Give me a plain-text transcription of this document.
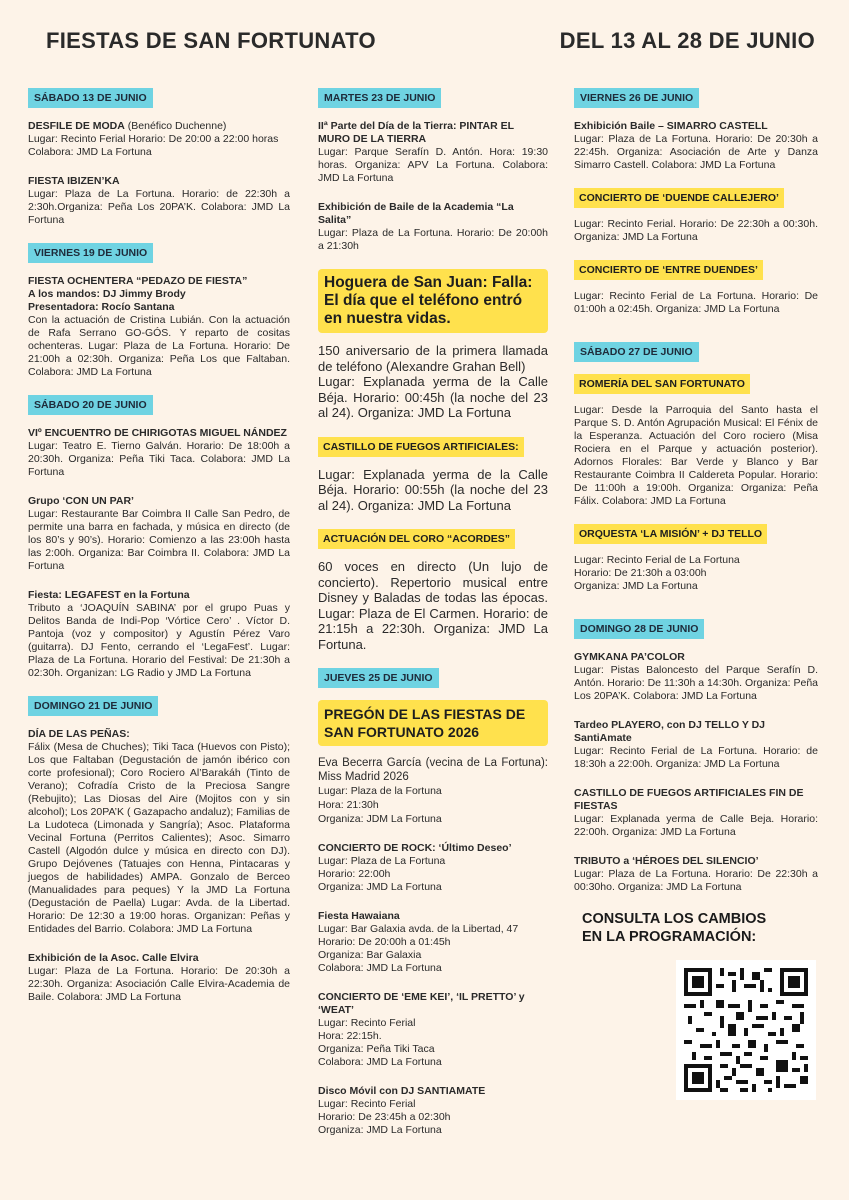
FIESTAS DE SAN FORTUNATO	DEL 13 AL 28 DE JUNIO
SÁBADO 13 DE JUNIO
DESFILE DE MODA (Benéfico Duchenne)
Lugar: Recinto Ferial Horario: De 20:00 a 22:00 horas
Colabora: JMD La Fortuna
FIESTA IBIZEN’KA
Lugar: Plaza de La Fortuna. Horario: de 22:30h a 2:30h.Organiza: Peña Los 20PA’K. Colabora: JMD La Fortuna
VIERNES 19 DE JUNIO
FIESTA OCHENTERA “PEDAZO DE FIESTA”
A los mandos: DJ Jimmy Brody
Presentadora: Rocío Santana
Con la actuación de Cristina Lubián. Con la actuación de Rafa Serrano GO-GÓS. Y reparto de cositas ochenteras. Lugar: Plaza de La Fortuna. Horario: De 21:00h a 02:30h. Organiza: Peña Los que Faltaban. Colabora: JMD La Fortuna
SÁBADO 20 DE JUNIO
VIº ENCUENTRO DE CHIRIGOTAS MIGUEL NÁNDEZ
Lugar: Teatro E. Tierno Galván. Horario: De 18:00h a 20:30h. Organiza: Peña Tiki Taca. Colabora: JMD La Fortuna
Grupo ‘CON UN PAR’
Lugar: Restaurante Bar Coimbra II Calle San Pedro, de permite una barra en fachada, y música en directo (de los 80’s y 90’s). Horario: Comienzo a las 23:00h hasta las 2:00h. Organiza: Bar Coimbra II. Colabora: JMD La Fortuna
Fiesta: LEGAFEST en la Fortuna
Tributo a ‘JOAQUÍN SABINA’ por el grupo Puas y Delitos Banda de Indi-Pop ‘Vórtice Cero’ . Víctor D. Pantoja (voz y compositor) y Agustín Pérez Varo (guitarra). DJ Fento, cerrando el ‘LegaFest’. Lugar: Plaza de La Fortuna. Horario del Festival: De 21:30h a 02:30h. Organizan: LG Radio y JMD La Fortuna
DOMINGO 21 DE JUNIO
DÍA DE LAS PEÑAS:
Fálix (Mesa de Chuches); Tiki Taca (Huevos con Pisto); Los que Faltaban (Degustación de jamón ibérico con corte profesional); Coro Rociero Al’Barakáh (Tinto de Verano); Cofradía Cristo de la Preciosa Sangre (Rebujito); Las Diosas del Aire (Mojitos con y sin alcohol); Los 20PA’K ( Gazapacho andaluz); Familias de La Ludoteca (Limonada y Sangría); Asoc. Plataforma Vecinal Fortuna (Perritos Calientes); Asoc. Simarro Castell (Algodón dulce y música en directo con DJ). Grupo Dejóvenes (Tatuajes con Henna, Pintacaras y juegos de habilidades) AMPA. Gonzalo de Berceo (Manualidades para peques) Y la JMD La Fortuna (Degustación de Paella) Lugar: Avda. de la Libertad. Horario: De 12:30 a 19:00 horas. Organizan: Peñas y Entidades del Barrio. Colabora: JMD La Fortuna
Exhibición de la Asoc. Calle Elvira
Lugar: Plaza de La Fortuna. Horario: De 20:30h a 22:30h. Organiza: Asociación Calle Elvira-Academia de Baile. Colabora: JMD La Fortuna
MARTES 23 DE JUNIO
IIª Parte del Día de la Tierra: PINTAR EL MURO DE LA TIERRA
Lugar: Parque Serafín D. Antón. Hora: 19:30 horas. Organiza: APV La Fortuna. Colabora: JMD La Fortuna
Exhibición de Baile de la Academia “La Salita”
Lugar: Plaza de La Fortuna. Horario: De 20:00h a 21:30h
Hoguera de San Juan: Falla: El día que el teléfono entró en nuestra vidas.
150 aniversario de la primera llamada de teléfono (Alexandre Grahan Bell)
Lugar: Explanada yerma de la Calle Béja. Horario: 00:45h (la noche del 23 al 24). Organiza: JMD La Fortuna
CASTILLO DE FUEGOS ARTIFICIALES:
Lugar: Explanada yerma de la Calle Béja. Horario: 00:55h (la noche del 23 al 24). Organiza: JMD La Fortuna
ACTUACIÓN DEL CORO “ACORDES”
60 voces en directo (Un lujo de concierto). Repertorio musical entre Disney y Baladas de todas las épocas. Lugar: Plaza de El Carmen. Horario: de 21:15h a 22:30h. Organiza: JMD La Fortuna.
JUEVES 25 DE JUNIO
PREGÓN DE LAS FIESTAS DE SAN FORTUNATO 2026
Eva Becerra García (vecina de La Fortuna): Miss Madrid 2026
Lugar: Plaza de la Fortuna
Hora: 21:30h
Organiza: JDM La Fortuna
CONCIERTO DE ROCK: ‘Último Deseo’
Lugar: Plaza de La Fortuna
Horario: 22:00h
Organiza: JMD La Fortuna
Fiesta Hawaiana
Lugar: Bar Galaxia avda. de la Libertad, 47
Horario: De 20:00h a 01:45h
Organiza: Bar Galaxia
Colabora: JMD La Fortuna
CONCIERTO DE ‘EME KEI’, ‘IL PRETTO’ y ‘WEAT’
Lugar: Recinto Ferial
Hora: 22:15h.
Organiza: Peña Tiki Taca
Colabora: JMD La Fortuna
Disco Móvil con DJ SANTIAMATE
Lugar: Recinto Ferial
Horario: De 23:45h a 02:30h
Organiza: JMD La Fortuna
VIERNES 26 DE JUNIO
Exhibición Baile – SIMARRO CASTELL
Lugar: Plaza de La Fortuna. Horario: De 20:30h a 22:45h. Organiza: Asociación de Arte y Danza Simarro Castell. Colabora: JMD La Fortuna
CONCIERTO DE ‘DUENDE CALLEJERO’
Lugar: Recinto Ferial. Horario: De 22:30h a 00:30h. Organiza: JMD La Fortuna
CONCIERTO DE ‘ENTRE DUENDES’
Lugar: Recinto Ferial de La Fortuna. Horario: De 01:00h a 02:45h. Organiza: JMD La Fortuna
SÁBADO 27 DE JUNIO
ROMERÍA DEL SAN FORTUNATO
Lugar: Desde la Parroquia del Santo hasta el Parque S. D. Antón Agrupación Musical: El Fénix de la Esperanza. Actuación del Coro rociero (Misa Rociera en el Parque y actuación posterior). Adornos Florales: Bar Verde y Blanco y Bar Restaurante Coimbra II Caldereta Popular. Horario: De 11:00h a 19:00h. Organiza: Organiza: Peña Fálix. Colabora: JMD La Fortuna
ORQUESTA ‘LA MISIÓN’ + DJ TELLO
Lugar: Recinto Ferial de La Fortuna
Horario: De 21:30h a 03:00h
Organiza: JMD La Fortuna
DOMINGO 28 DE JUNIO
GYMKANA PA’COLOR
Lugar: Pistas Baloncesto del Parque Serafín D. Antón. Horario: De 11:30h a 14:30h. Organiza: Peña Los 20PA’K. Colabora: JMD La Fortuna
Tardeo PLAYERO, con DJ TELLO Y DJ SantiAmate
Lugar: Recinto Ferial de La Fortuna. Horario: de 18:30h a 22:00h. Organiza: JMD La Fortuna
CASTILLO DE FUEGOS ARTIFICIALES FIN DE FIESTAS
Lugar: Explanada yerma de Calle Beja. Horario: 22:00h. Organiza: JMD La Fortuna
TRIBUTO a ‘HÉROES DEL SILENCIO’
Lugar: Plaza de La Fortuna. Horario: De 22:30h a 00:30ho. Organiza: JMD La Fortuna
CONSULTA LOS CAMBIOS
EN LA PROGRAMACIÓN:
